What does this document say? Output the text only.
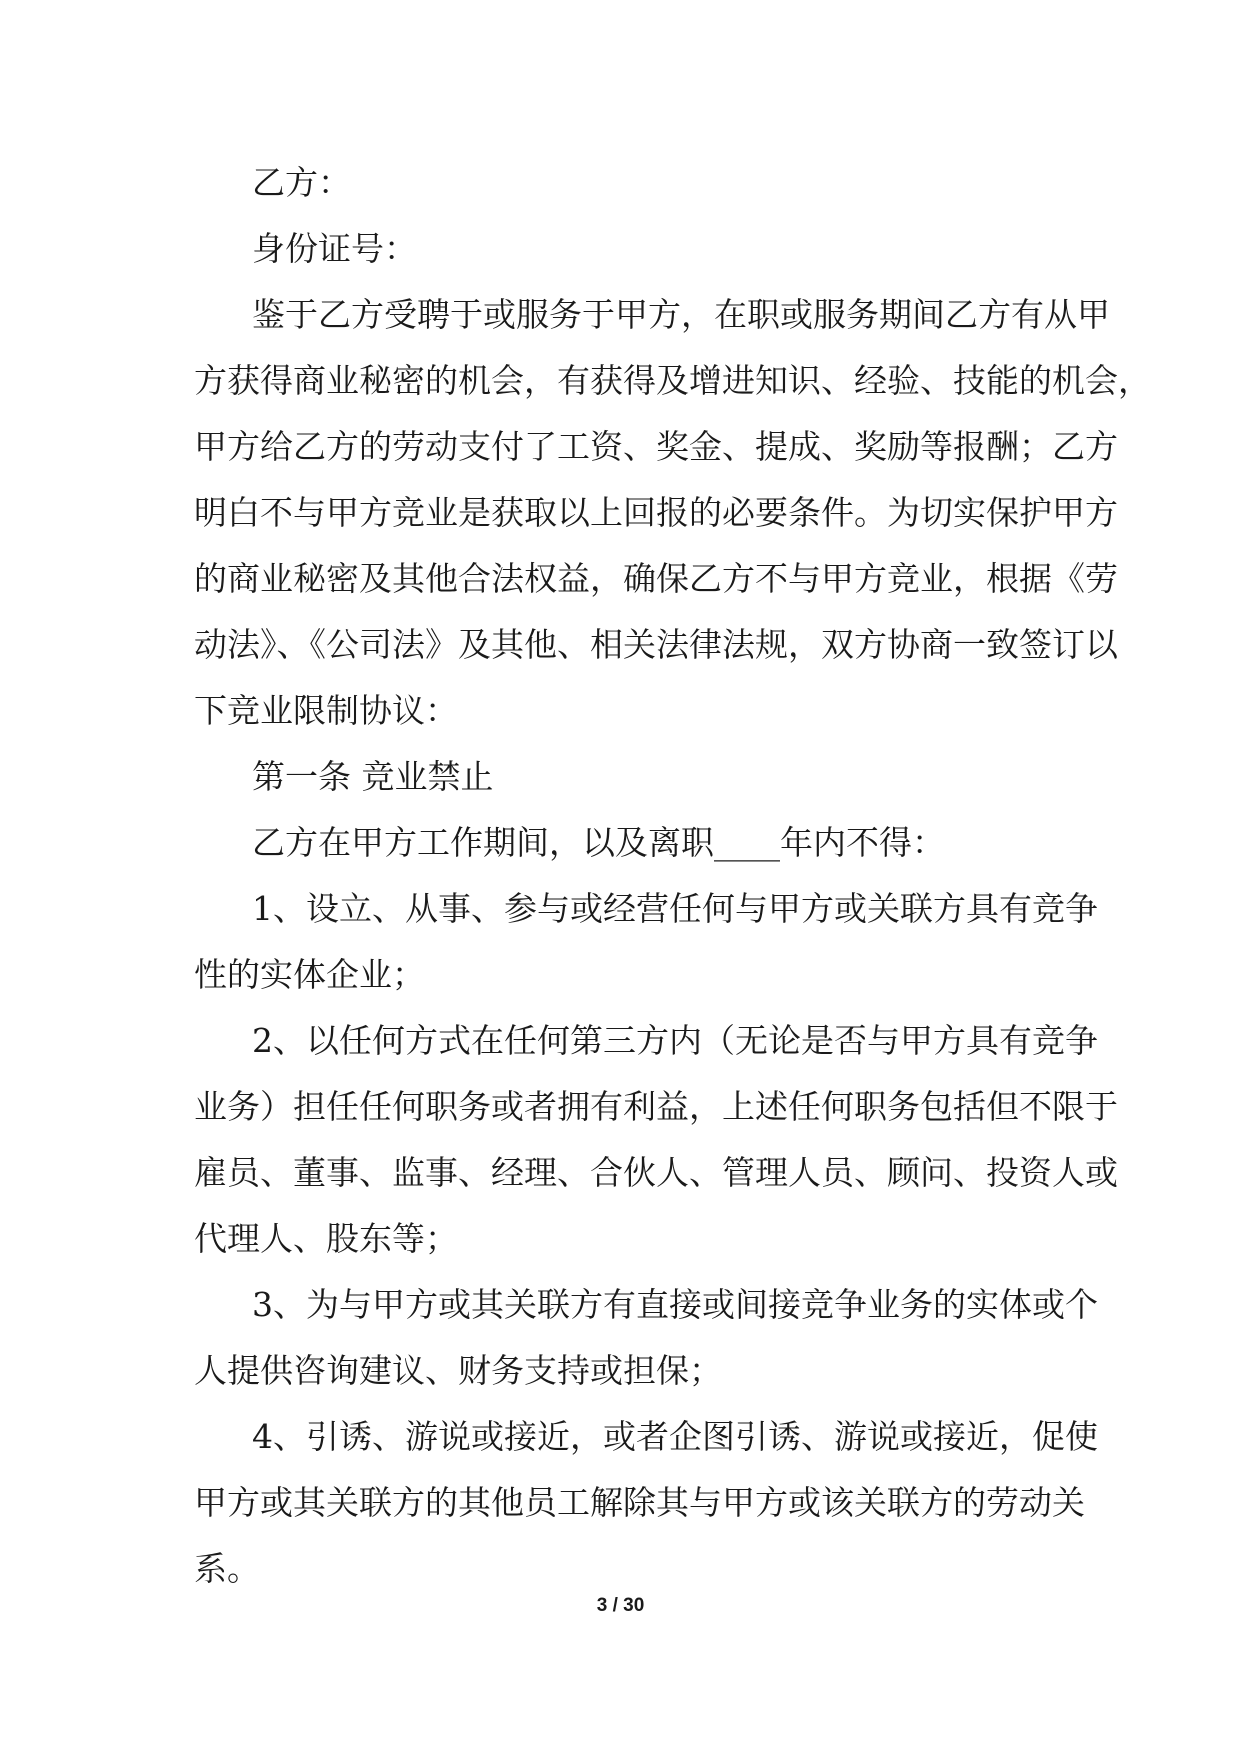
乙方：
身份证号：
鉴于乙方受聘于或服务于甲方，在职或服务期间乙方有从甲
方获得商业秘密的机会，有获得及增进知识、经验、技能的机会，
甲方给乙方的劳动支付了工资、奖金、提成、奖励等报酬；乙方
明白不与甲方竞业是获取以上回报的必要条件。为切实保护甲方
的商业秘密及其他合法权益，确保乙方不与甲方竞业，根据《劳
动法》、《公司法》及其他、相关法律法规，双方协商一致签订以
下竞业限制协议：
第一条 竞业禁止
乙方在甲方工作期间，以及离职____年内不得：
1、设立、从事、参与或经营任何与甲方或关联方具有竞争
性的实体企业；
2、以任何方式在任何第三方内（无论是否与甲方具有竞争
业务）担任任何职务或者拥有利益，上述任何职务包括但不限于
雇员、董事、监事、经理、合伙人、管理人员、顾问、投资人或
代理人、股东等；
3、为与甲方或其关联方有直接或间接竞争业务的实体或个
人提供咨询建议、财务支持或担保；
4、引诱、游说或接近，或者企图引诱、游说或接近，促使
甲方或其关联方的其他员工解除其与甲方或该关联方的劳动关
系。
3 / 30
